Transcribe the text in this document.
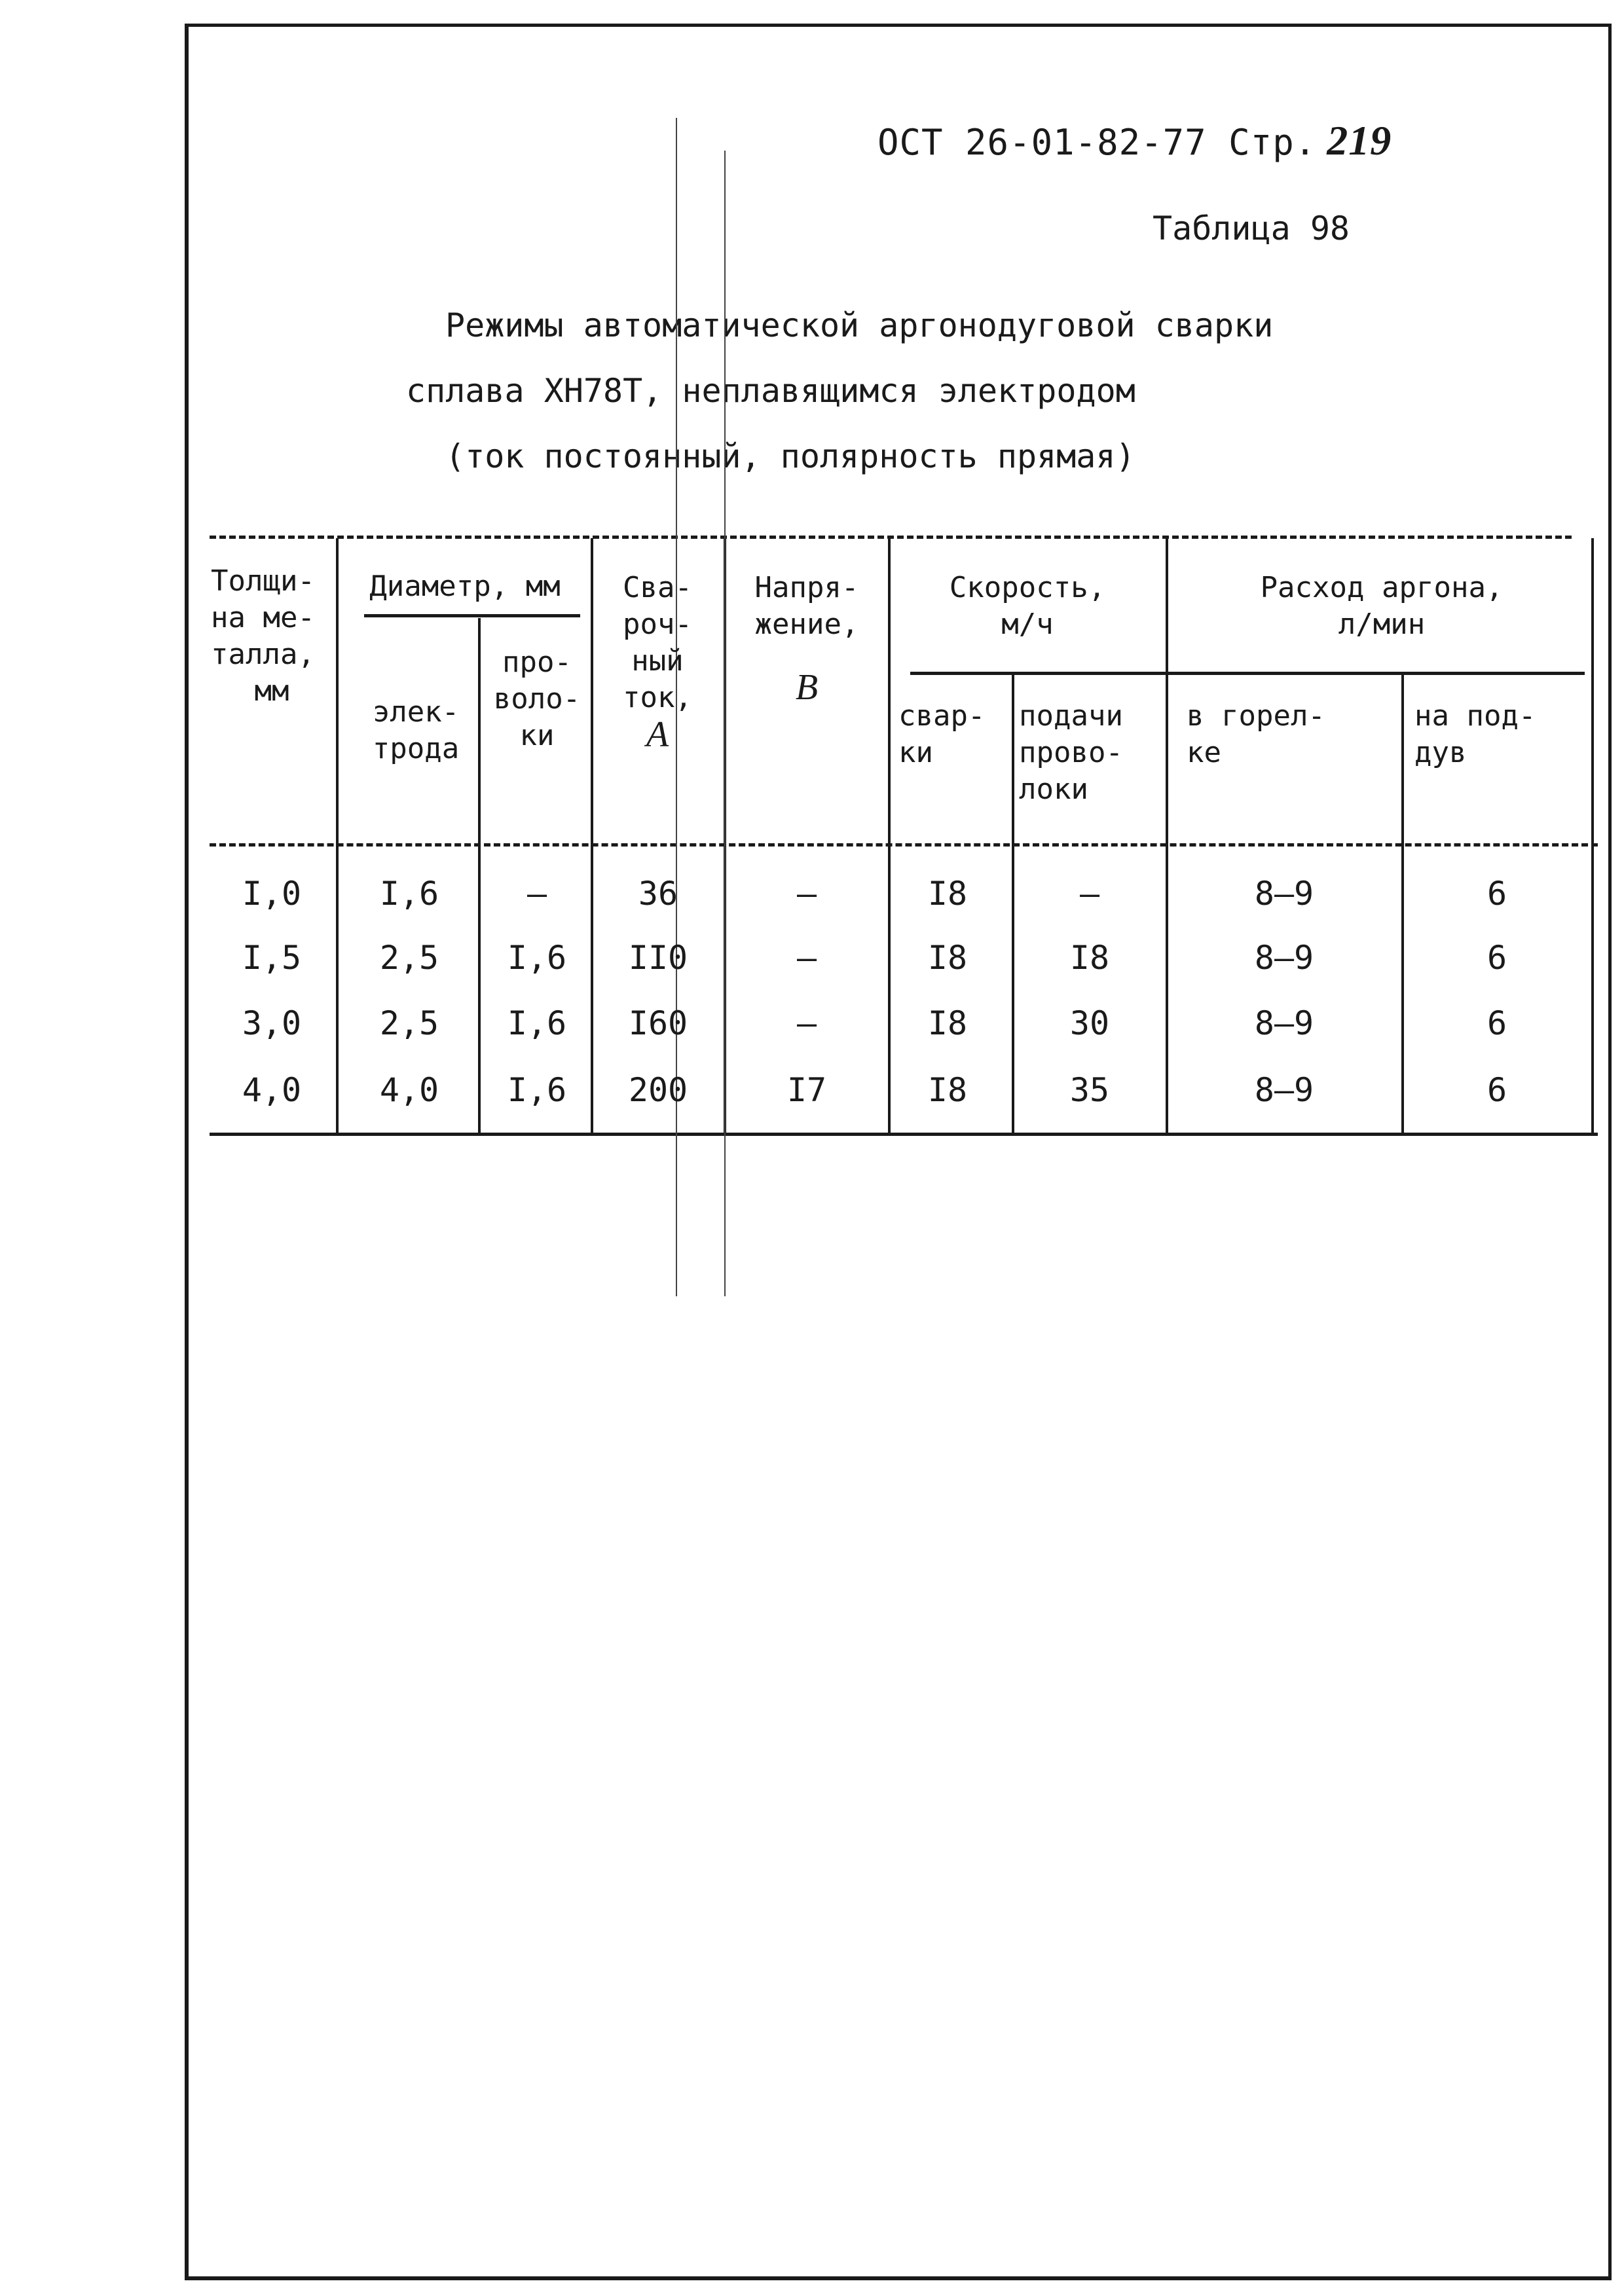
ОСТ 26-01-82-77 Стр. 219
Таблица 98
Режимы автоматической аргонодуговой сварки
сплава ХН78Т, неплавящимся электродом
(ток постоянный, полярность прямая)
Толщи-
на ме-
талла,
мм
Диаметр, мм
элек-
трода
про-
воло-
ки
Сва-
роч-
ный
ток,
А
Напря-
жение,
В
Скорость,
м/ч
свар-
ки
подачи
прово-
локи
Расход аргона,
л/мин
в горел-
ке
на под-
дув
I,0	I,6	–	36	–	I8	–	8–9	6
I,5	2,5	I,6	II0	–	I8	I8	8–9	6
3,0	2,5	I,6	I60	–	I8	30	8–9	6
4,0	4,0	I,6	200	I7	I8	35	8–9	6
